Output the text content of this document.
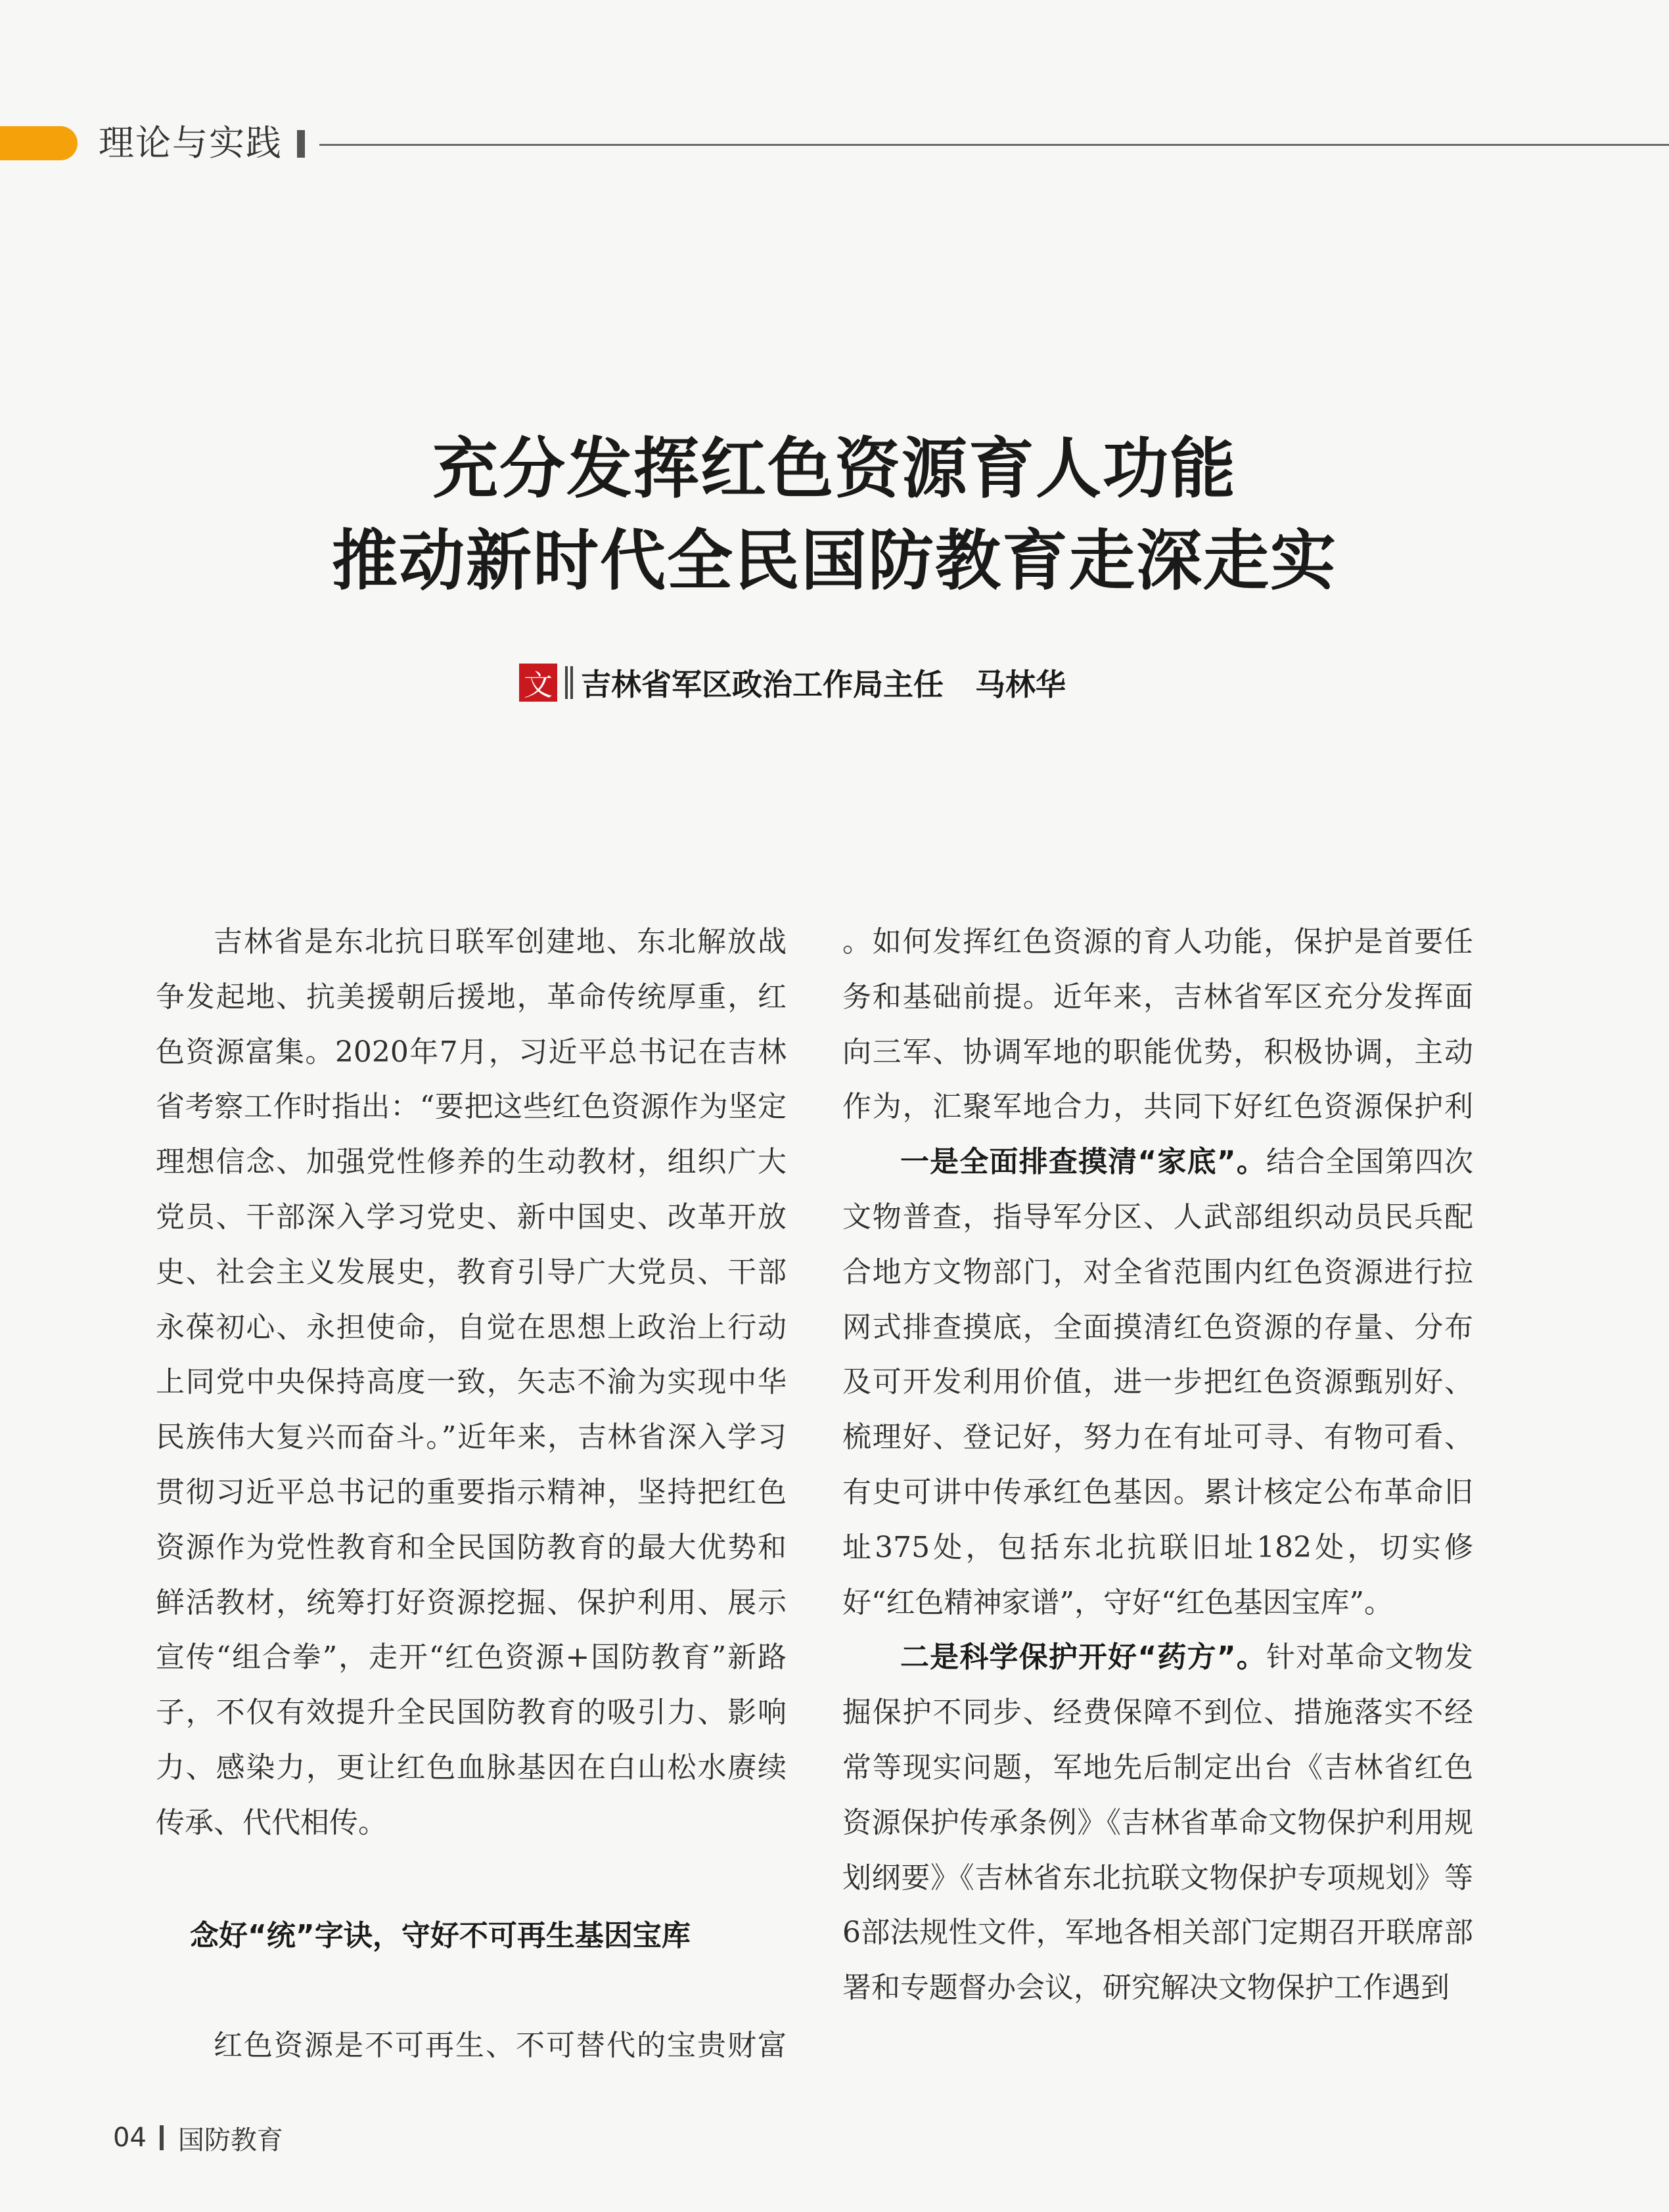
理论与实践
充分发挥红色资源育人功能
推动新时代全民国防教育走深走实
文 吉林省军区政治工作局主任 马林华

吉林省是东北抗日联军创建地、东北解放战争发起地、抗美援朝后援地，革命传统厚重，红色资源富集。2020年7月，习近平总书记在吉林省考察工作时指出：“要把这些红色资源作为坚定理想信念、加强党性修养的生动教材，组织广大党员、干部深入学习党史、新中国史、改革开放史、社会主义发展史，教育引导广大党员、干部永葆初心、永担使命，自觉在思想上政治上行动上同党中央保持高度一致，矢志不渝为实现中华民族伟大复兴而奋斗。”近年来，吉林省深入学习贯彻习近平总书记的重要指示精神，坚持把红色资源作为党性教育和全民国防教育的最大优势和鲜活教材，统筹打好资源挖掘、保护利用、展示宣传“组合拳”，走开“红色资源+国防教育”新路子，不仅有效提升全民国防教育的吸引力、影响力、感染力，更让红色血脉基因在白山松水赓续传承、代代相传。

念好“统”字诀，守好不可再生基因宝库

红色资源是不可再生、不可替代的宝贵财富

。如何发挥红色资源的育人功能，保护是首要任务和基础前提。近年来，吉林省军区充分发挥面向三军、协调军地的职能优势，积极协调，主动作为，汇聚军地合力，共同下好红色资源保护利

一是全面排查摸清“家底”。结合全国第四次文物普查，指导军分区、人武部组织动员民兵配合地方文物部门，对全省范围内红色资源进行拉网式排查摸底，全面摸清红色资源的存量、分布及可开发利用价值，进一步把红色资源甄别好、梳理好、登记好，努力在有址可寻、有物可看、有史可讲中传承红色基因。累计核定公布革命旧址375处，包括东北抗联旧址182处，切实修好“红色精神家谱”，守好“红色基因宝库”。

二是科学保护开好“药方”。针对革命文物发掘保护不同步、经费保障不到位、措施落实不经常等现实问题，军地先后制定出台《吉林省红色资源保护传承条例》《吉林省革命文物保护利用规划纲要》《吉林省东北抗联文物保护专项规划》等6部法规性文件，军地各相关部门定期召开联席部署和专题督办会议，研究解决文物保护工作遇到

04 国防教育
